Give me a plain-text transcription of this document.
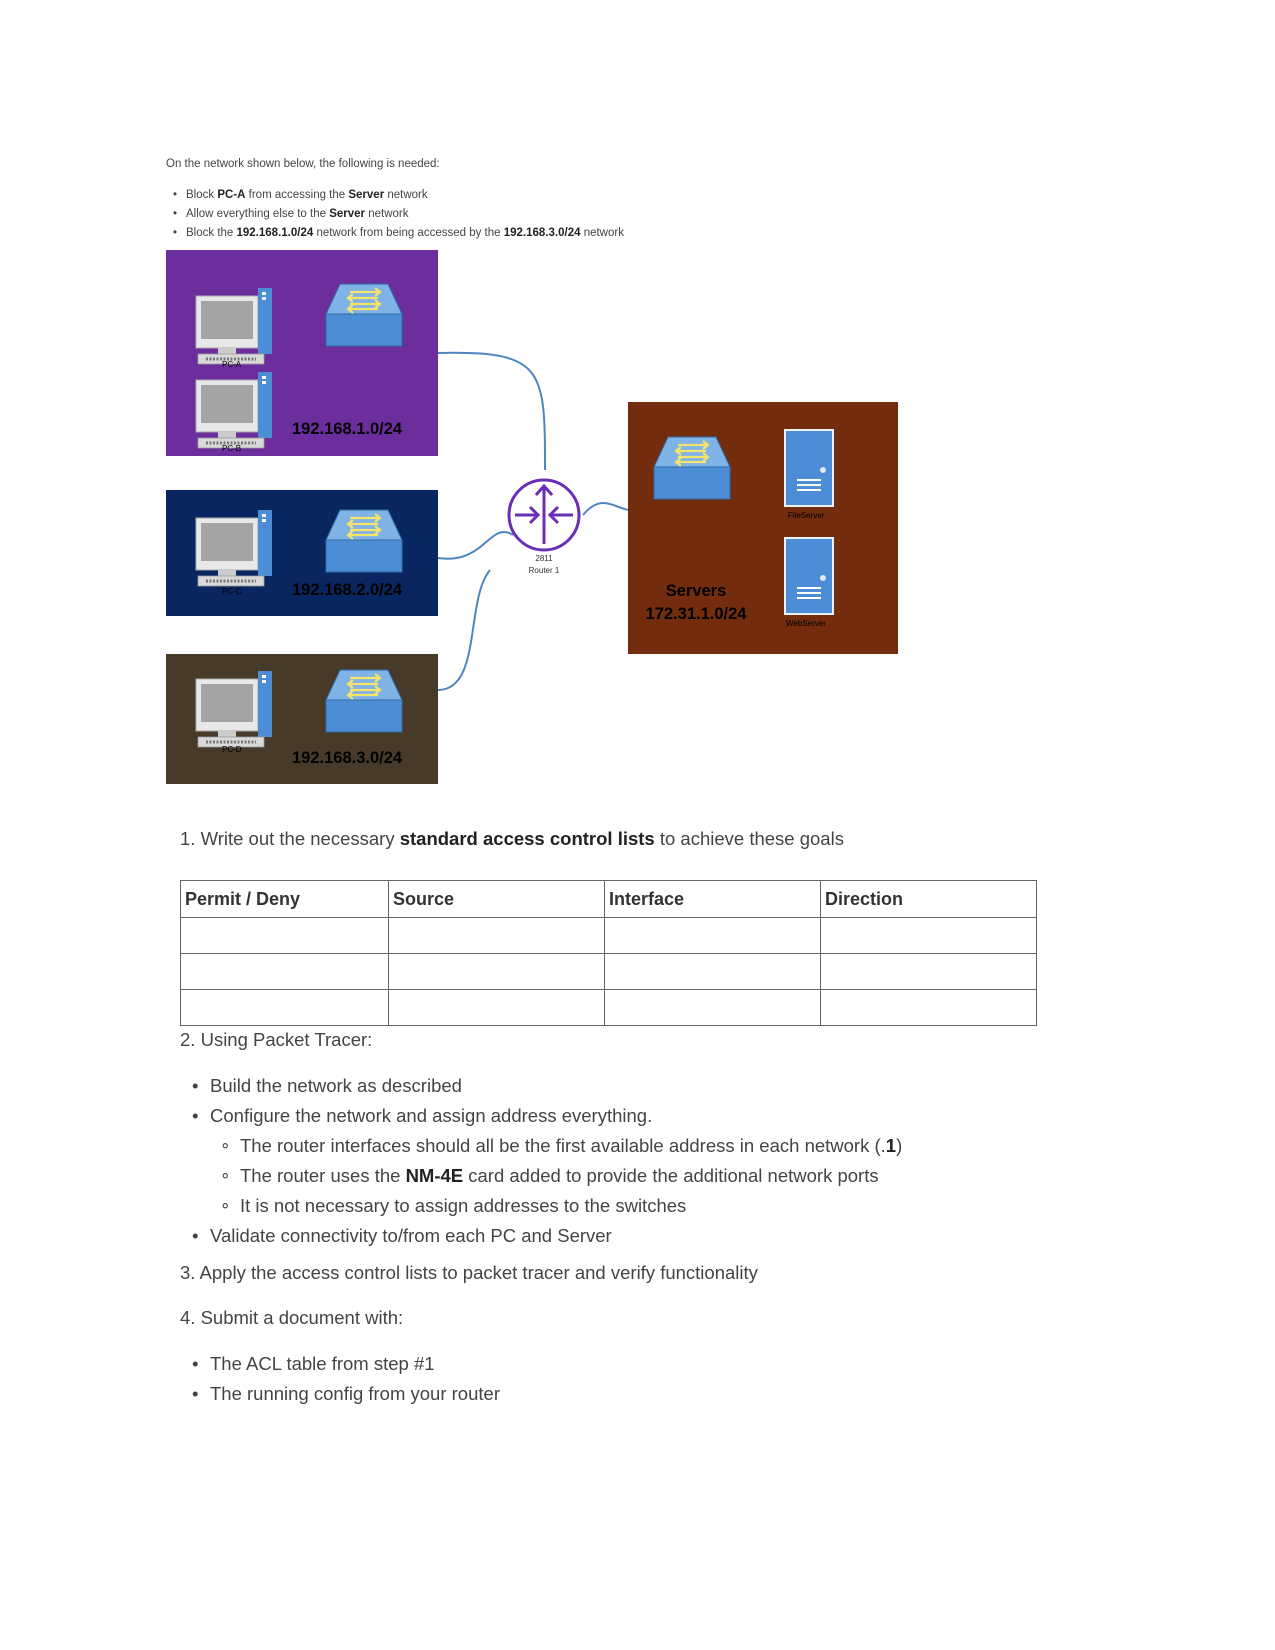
On the network shown below, the following is needed:
• Block PC-A from accessing the Server network
• Allow everything else to the Server network
• Block the 192.168.1.0/24 network from being accessed by the 192.168.3.0/24 network
PC-A
PC-B
192.168.1.0/24
PC-C	192.168.2.0/24
PC-D	192.168.3.0/24
FileServer
WebServer
Servers
172.31.1.0/24
2811
Router 1
1. Write out the necessary standard access control lists to achieve these goals
Permit / Deny	Source	Interface	Direction

2. Using Packet Tracer:
• Build the network as described
• Configure the network and assign address everything.
∘ The router interfaces should all be the first available address in each network (.1)
∘ The router uses the NM-4E card added to provide the additional network ports
∘ It is not necessary to assign addresses to the switches
• Validate connectivity to/from each PC and Server
3. Apply the access control lists to packet tracer and verify functionality
4. Submit a document with:
• The ACL table from step #1
• The running config from your router
